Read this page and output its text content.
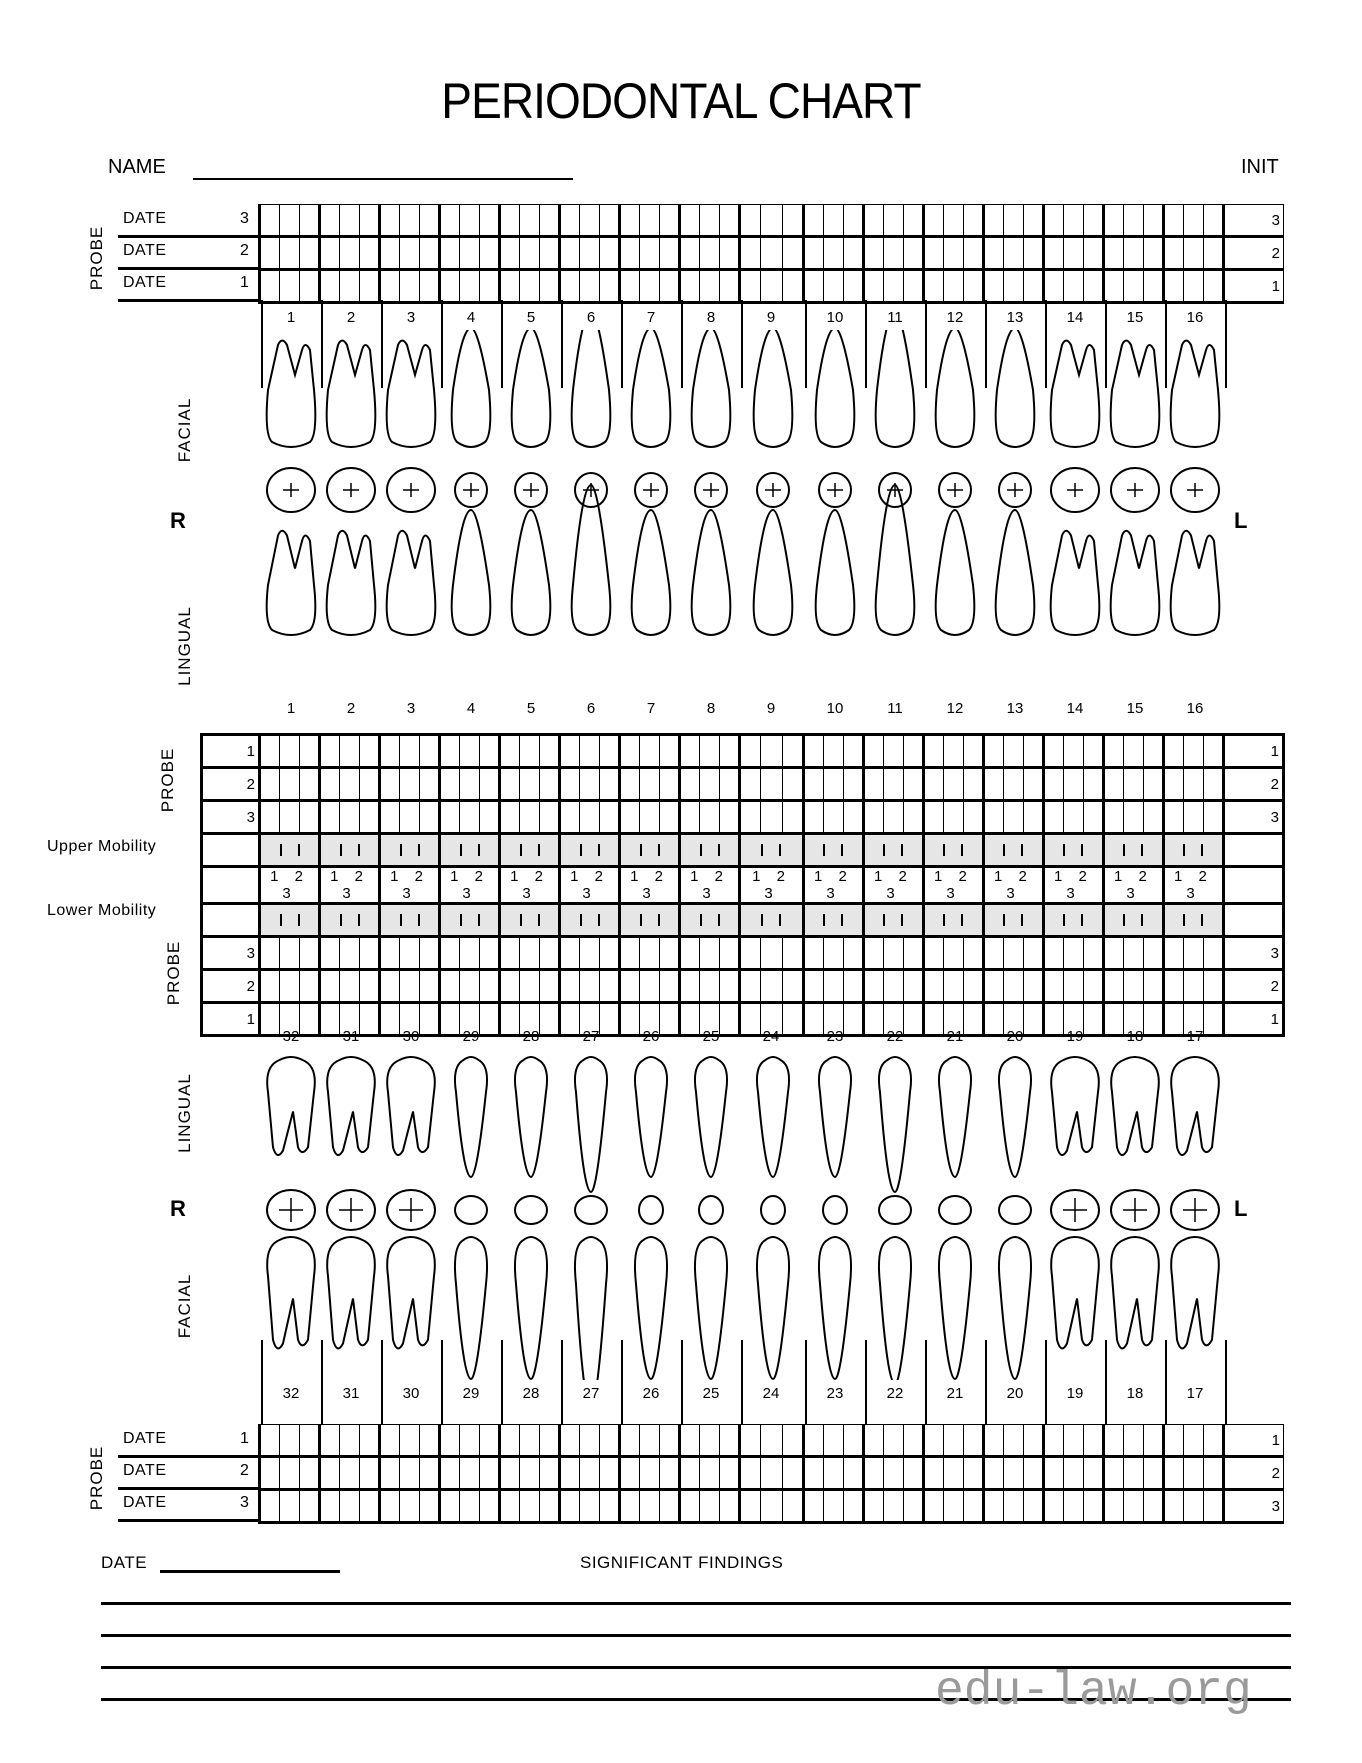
PERIODONTAL CHART
NAME	INIT
PROBE
DATE	3
DATE	2
DATE	1
																																																3
																																																2
																																																1
1	2	3	4	5	6	7	8	9	10	11	12	13	14	15	16
FACIAL
R	L
LINGUAL
1	2	3	4	5	6	7	8	9	10	11	12	13	14	15	16
PROBE
Upper Mobility
Lower Mobility
PROBE
1																																																	1
2																																																	2
3																																																	3

	1 2 3			1 2 3			1 2 3			1 2 3			1 2 3			1 2 3			1 2 3			1 2 3			1 2 3			1 2 3			1 2 3			1 2 3			1 2 3			1 2 3			1 2 3			1 2 3			

3																																																	3
2																																																	2
1																																																	1
32	31	30	29	28	27	26	25	24	23	22	21	20	19	18	17
LINGUAL
R	L
FACIAL
32	31	30	29	28	27	26	25	24	23	22	21	20	19	18	17
PROBE
DATE	1
DATE	2
DATE	3
																																																1
																																																2
																																																3
DATE	SIGNIFICANT FINDINGS
edu-law.org
